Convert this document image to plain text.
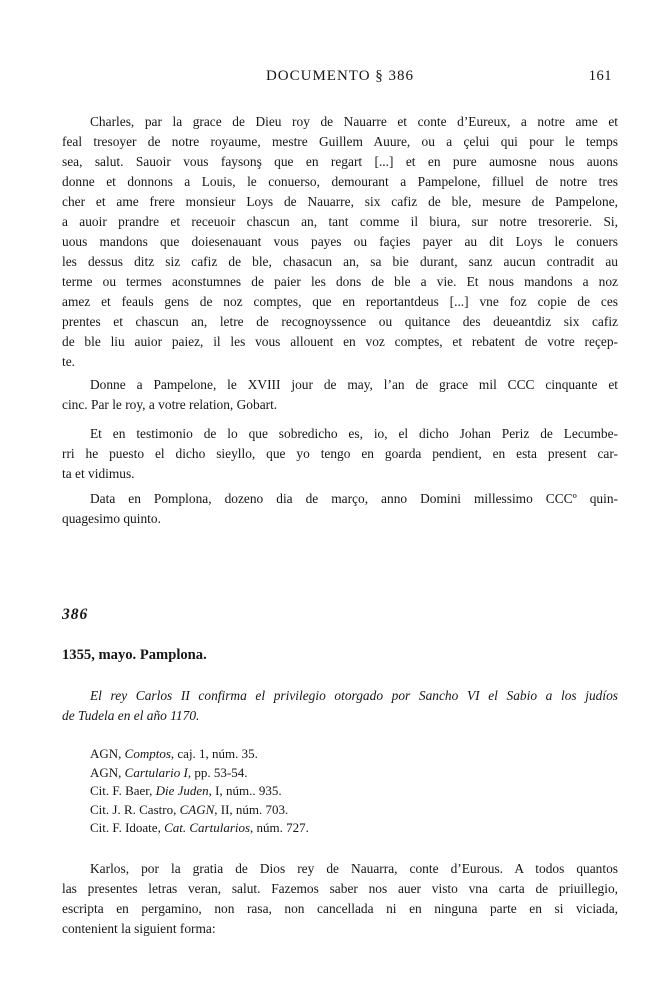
DOCUMENTO § 386	161
Charles, par la grace de Dieu roy de Nauarre et conte d’Eureux, a notre ame et
feal tresoyer de notre royaume, mestre Guillem Auure, ou a çelui qui pour le temps
sea, salut. Sauoir vous faysonş que en regart [...] et en pure aumosne nous auons
donne et donnons a Louis, le conuerso, demourant a Pampelone, filluel de notre tres
cher et ame frere monsieur Loys de Nauarre, six cafiz de ble, mesure de Pampelone,
a auoir prandre et receuoir chascun an, tant comme il biura, sur notre tresorerie. Si,
uous mandons que doiesenauant vous payes ou façies payer au dit Loys le conuers
les dessus ditz siz cafiz de ble, chasacun an, sa bie durant, sanz aucun contradit au
terme ou termes aconstumnes de paier les dons de ble a vie. Et nous mandons a noz
amez et feauls gens de noz comptes, que en reportantdeus [...] vne foz copie de ces
prentes et chascun an, letre de recognoyssence ou quitance des deueantdiz six cafiz
de ble liu auior paiez, il les vous allouent en voz comptes, et rebatent de votre reçep-
te.
Donne a Pampelone, le XVIII jour de may, l’an de grace mil CCC cinquante et
cinc. Par le roy, a votre relation, Gobart.
Et en testimonio de lo que sobredicho es, io, el dicho Johan Periz de Lecumbe-
rri he puesto el dicho sieyllo, que yo tengo en goarda pendient, en esta present car-
ta et vidimus.
Data en Pomplona, dozeno dia de março, anno Domini millessimo CCCº quin-
quagesimo quinto.
386
1355, mayo. Pamplona.
El rey Carlos II confirma el privilegio otorgado por Sancho VI el Sabio a los judíos
de Tudela en el año 1170.
AGN, Comptos, caj. 1, núm. 35.
AGN, Cartulario I, pp. 53-54.
Cit. F. Baer, Die Juden, I, núm.. 935.
Cit. J. R. Castro, CAGN, II, núm. 703.
Cit. F. Idoate, Cat. Cartularios, núm. 727.
Karlos, por la gratia de Dios rey de Nauarra, conte d’Eurous. A todos quantos
las presentes letras veran, salut. Fazemos saber nos auer visto vna carta de priuillegio,
escripta en pergamino, non rasa, non cancellada ni en ninguna parte en si viciada,
contenient la siguient forma:
